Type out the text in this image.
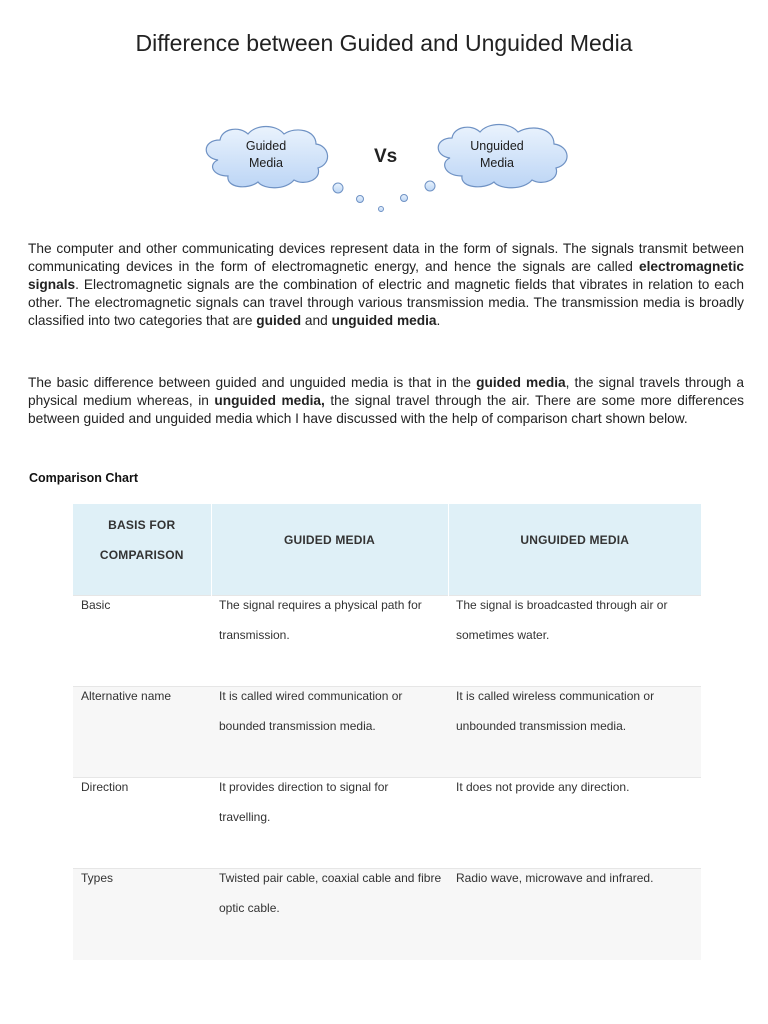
Difference between Guided and Unguided Media
Guided
Media	Vs	Unguided
Media

The computer and other communicating devices represent data in the form of signals. The signals transmit between communicating devices in the form of electromagnetic energy, and hence the signals are called electromagnetic signals. Electromagnetic signals are the combination of electric and magnetic fields that vibrates in relation to each other. The electromagnetic signals can travel through various transmission media. The transmission media is broadly classified into two categories that are guided and unguided media.

The basic difference between guided and unguided media is that in the guided media, the signal travels through a physical medium whereas, in unguided media, the signal travel through the air. There are some more differences between guided and unguided media which I have discussed with the help of comparison chart shown below.

Comparison Chart
BASIS FOR
COMPARISON	GUIDED MEDIA	UNGUIDED MEDIA

Basic	The signal requires a physical path for transmission.	The signal is broadcasted through air or sometimes water.

Alternative name	It is called wired communication or bounded transmission media.	It is called wireless communication or unbounded transmission media.

Direction	It provides direction to signal for travelling.	It does not provide any direction.

Types	Twisted pair cable, coaxial cable and fibre optic cable.	Radio wave, microwave and infrared.
